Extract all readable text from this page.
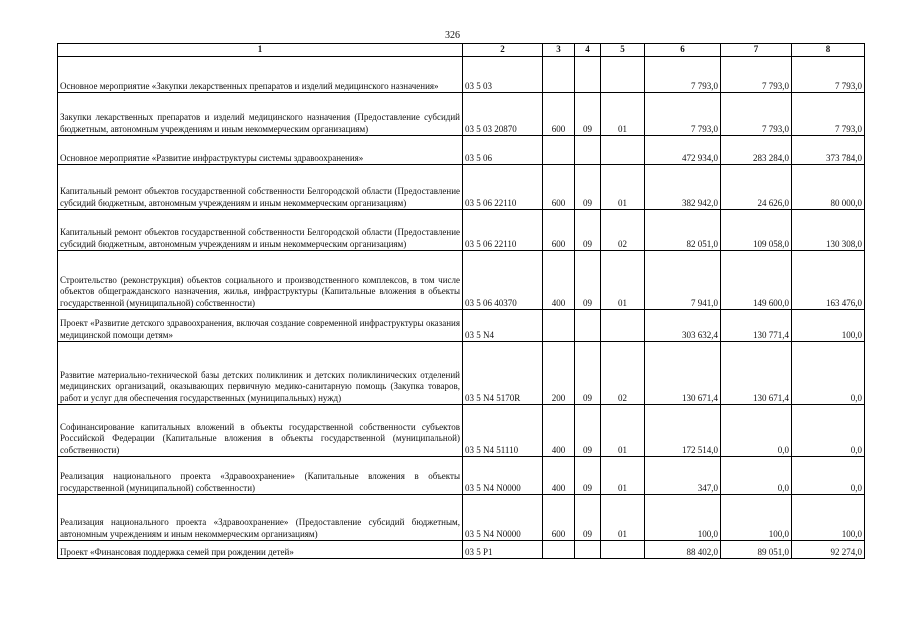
326
1	2	3	4	5	6	7	8
Основное мероприятие «Закупки лекарственных препаратов и изделий медицинского назначения»	03 5 03				7 793,0	7 793,0	7 793,0
Закупки лекарственных препаратов и изделий медицинского назначения (Предоставление субсидий бюджетным, автономным учреждениям и иным некоммерческим организациям)	03 5 03 20870	600	09	01	7 793,0	7 793,0	7 793,0
Основное мероприятие «Развитие инфраструктуры системы здравоохранения»	03 5 06				472 934,0	283 284,0	373 784,0
Капитальный ремонт объектов государственной собственности Белгородской области (Предоставление субсидий бюджетным, автономным учреждениям и иным некоммерческим организациям)	03 5 06 22110	600	09	01	382 942,0	24 626,0	80 000,0
Капитальный ремонт объектов государственной собственности Белгородской области (Предоставление субсидий бюджетным, автономным учреждениям и иным некоммерческим организациям)	03 5 06 22110	600	09	02	82 051,0	109 058,0	130 308,0
Строительство (реконструкция) объектов социального и производственного комплексов, в том числе объектов общегражданского назначения, жилья, инфраструктуры (Капитальные вложения в объекты государственной (муниципальной) собственности)	03 5 06 40370	400	09	01	7 941,0	149 600,0	163 476,0
Проект «Развитие детского здравоохранения, включая создание современной инфраструктуры оказания медицинской помощи детям»	03 5 N4				303 632,4	130 771,4	100,0
Развитие материально-технической базы детских поликлиник и детских поликлинических отделений медицинских организаций, оказывающих первичную медико-санитарную помощь (Закупка товаров, работ и услуг для обеспечения государственных (муниципальных) нужд)	03 5 N4 5170R	200	09	02	130 671,4	130 671,4	0,0
Софинансирование капитальных вложений в объекты государственной собственности субъектов Российской Федерации (Капитальные вложения в объекты государственной (муниципальной) собственности)	03 5 N4 51110	400	09	01	172 514,0	0,0	0,0
Реализация национального проекта «Здравоохранение» (Капитальные вложения в объекты государственной (муниципальной) собственности)	03 5 N4 N0000	400	09	01	347,0	0,0	0,0
Реализация национального проекта «Здравоохранение» (Предоставление субсидий бюджетным, автономным учреждениям и иным некоммерческим организациям)	03 5 N4 N0000	600	09	01	100,0	100,0	100,0
Проект «Финансовая поддержка семей при рождении детей»	03 5 P1				88 402,0	89 051,0	92 274,0
